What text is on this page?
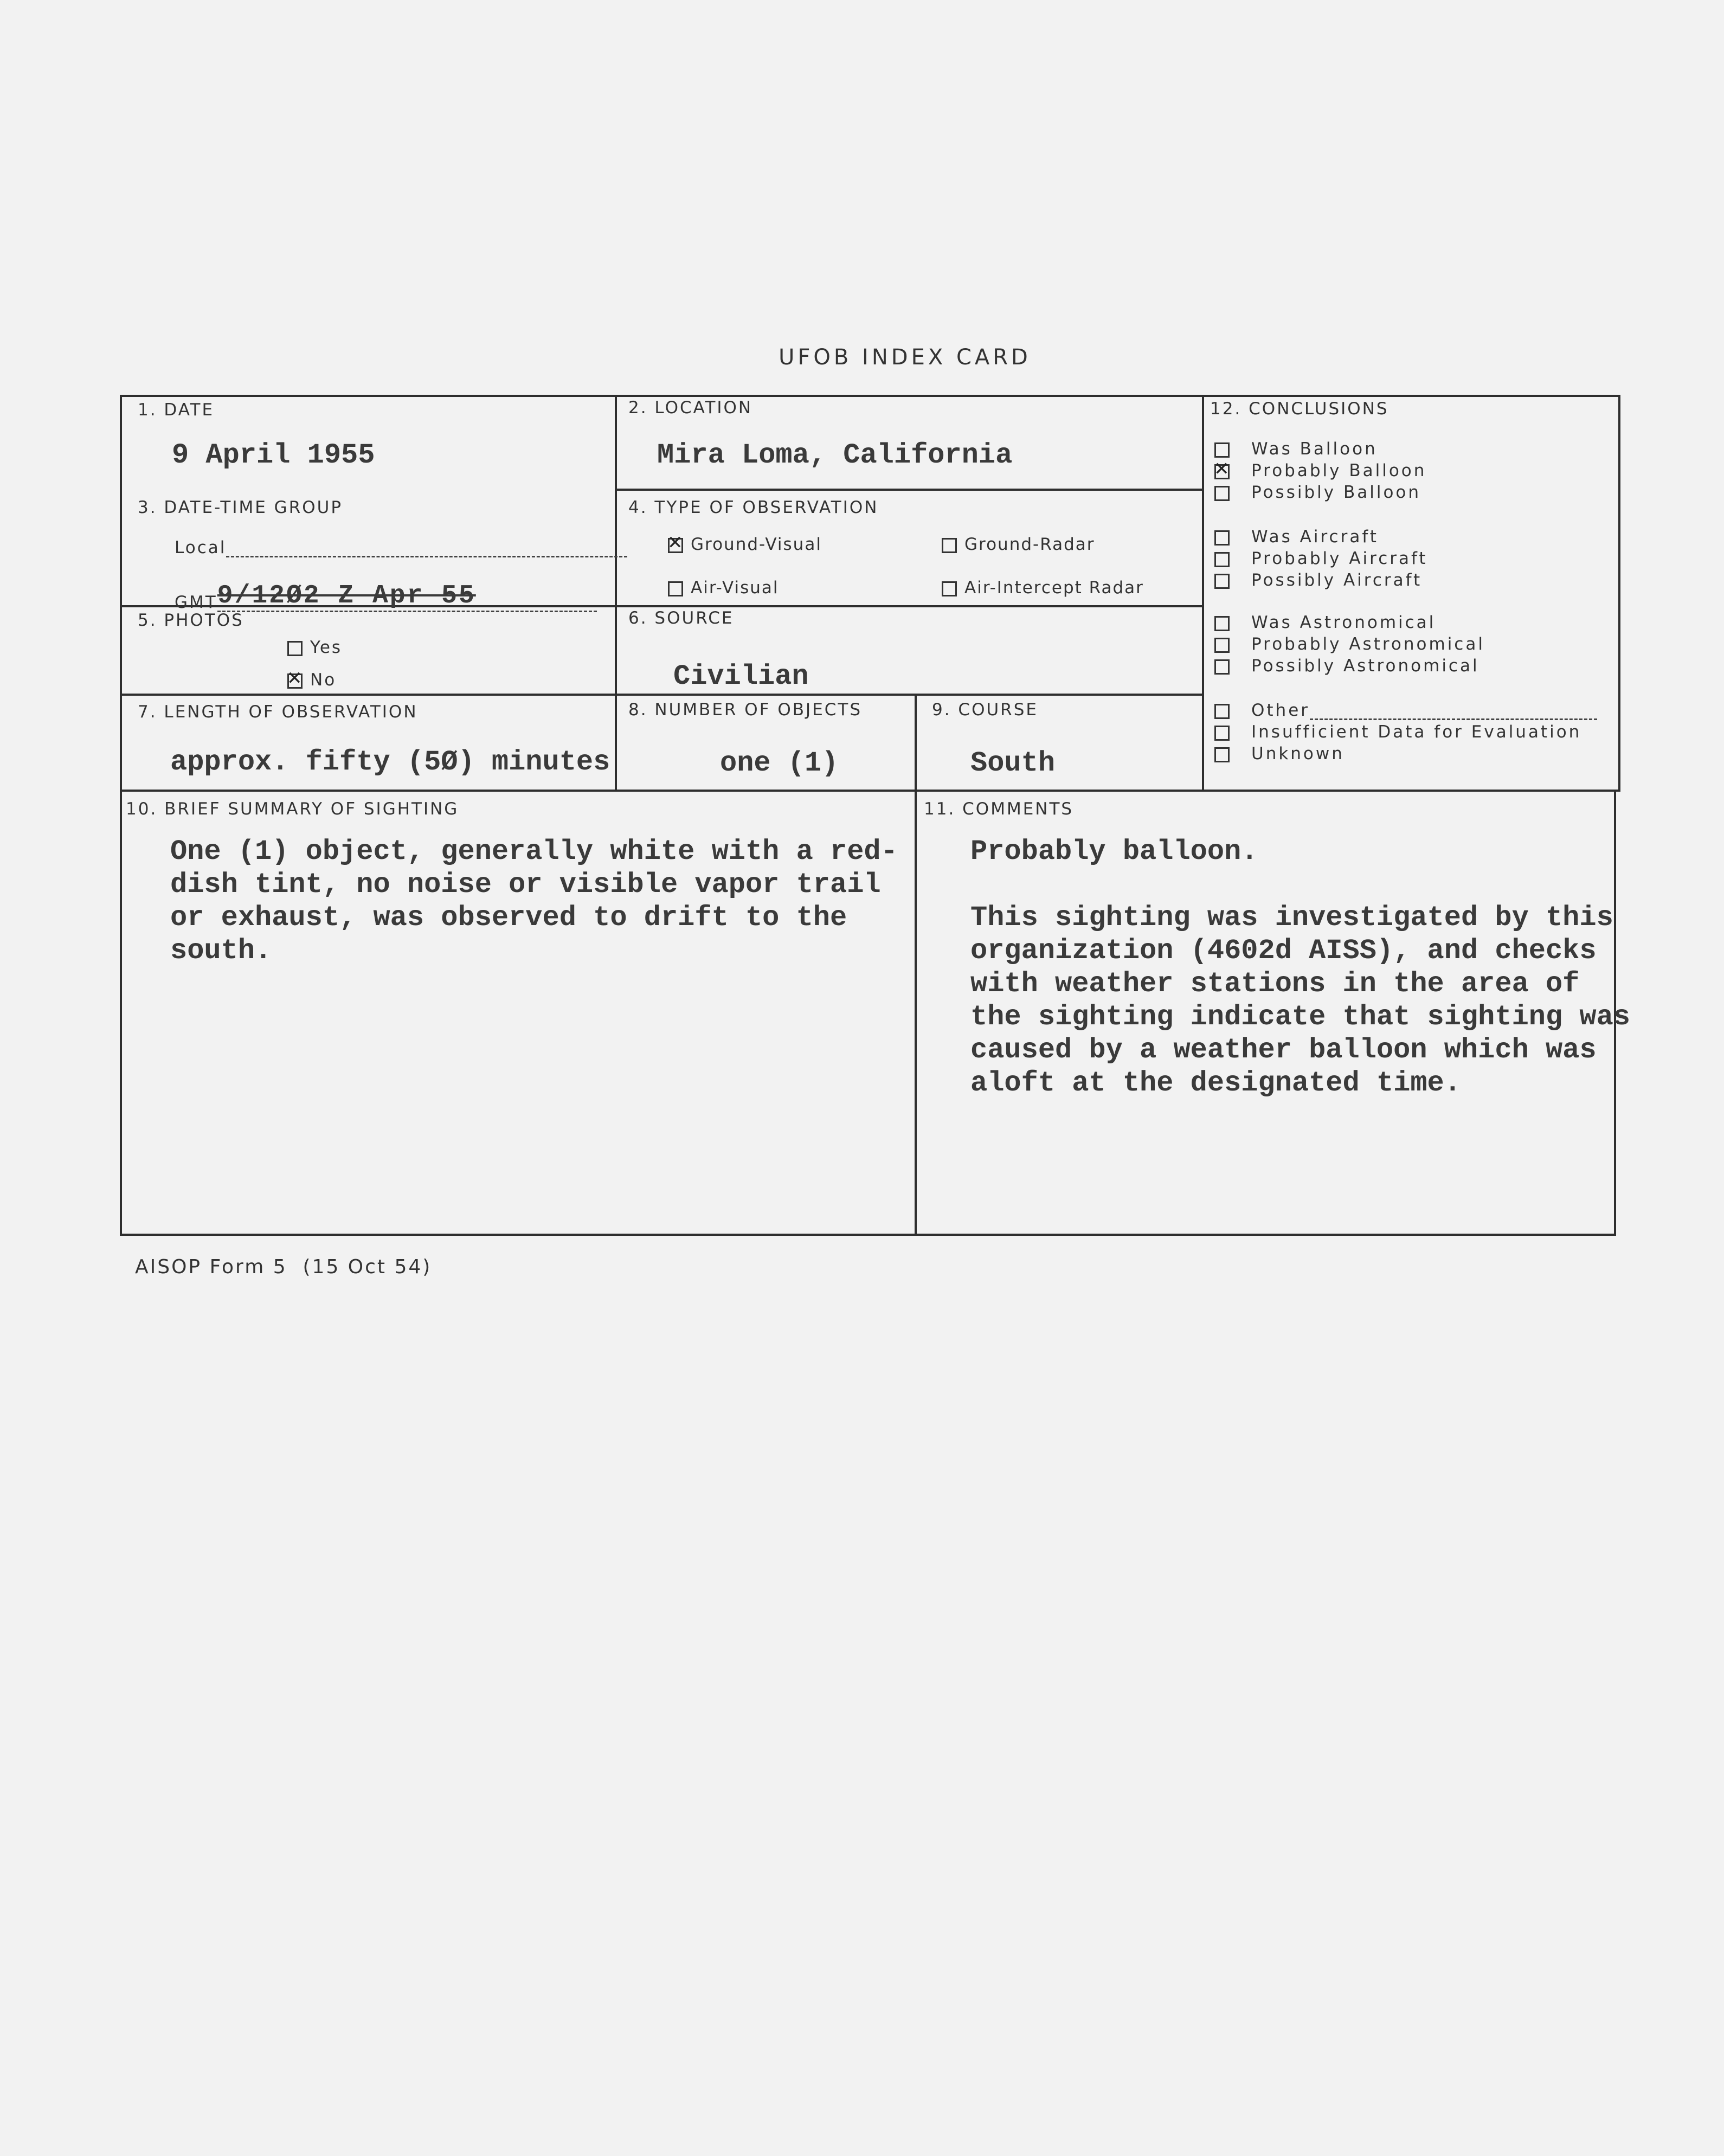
UFOB INDEX CARD
1. DATE
9 April 1955
2. LOCATION
Mira Loma, California
3. DATE-TIME GROUP
Local
GMT9/12Ø2 Z Apr 55
4. TYPE OF OBSERVATION
✕Ground-Visual	Ground-Radar
Air-Visual	Air-Intercept Radar
5. PHOTOS
Yes
✕No
6. SOURCE
Civilian
7. LENGTH OF OBSERVATION
approx. fifty (5Ø) minutes
8. NUMBER OF OBJECTS
one (1)
9. COURSE
South
12. CONCLUSIONS
Was Balloon
✕Probably Balloon
Possibly Balloon
Was Aircraft
Probably Aircraft
Possibly Aircraft
Was Astronomical
Probably Astronomical
Possibly Astronomical
Other
Insufficient Data for Evaluation
Unknown
10. BRIEF SUMMARY OF SIGHTING
One (1) object, generally white with a red-
dish tint, no noise or visible vapor trail
or exhaust, was observed to drift to the
south.
11. COMMENTS
Probably balloon.
This sighting was investigated by this
organization (4602d AISS), and checks
with weather stations in the area of
the sighting indicate that sighting was
caused by a weather balloon which was
aloft at the designated time.
AISOP Form 5  (15 Oct 54)
